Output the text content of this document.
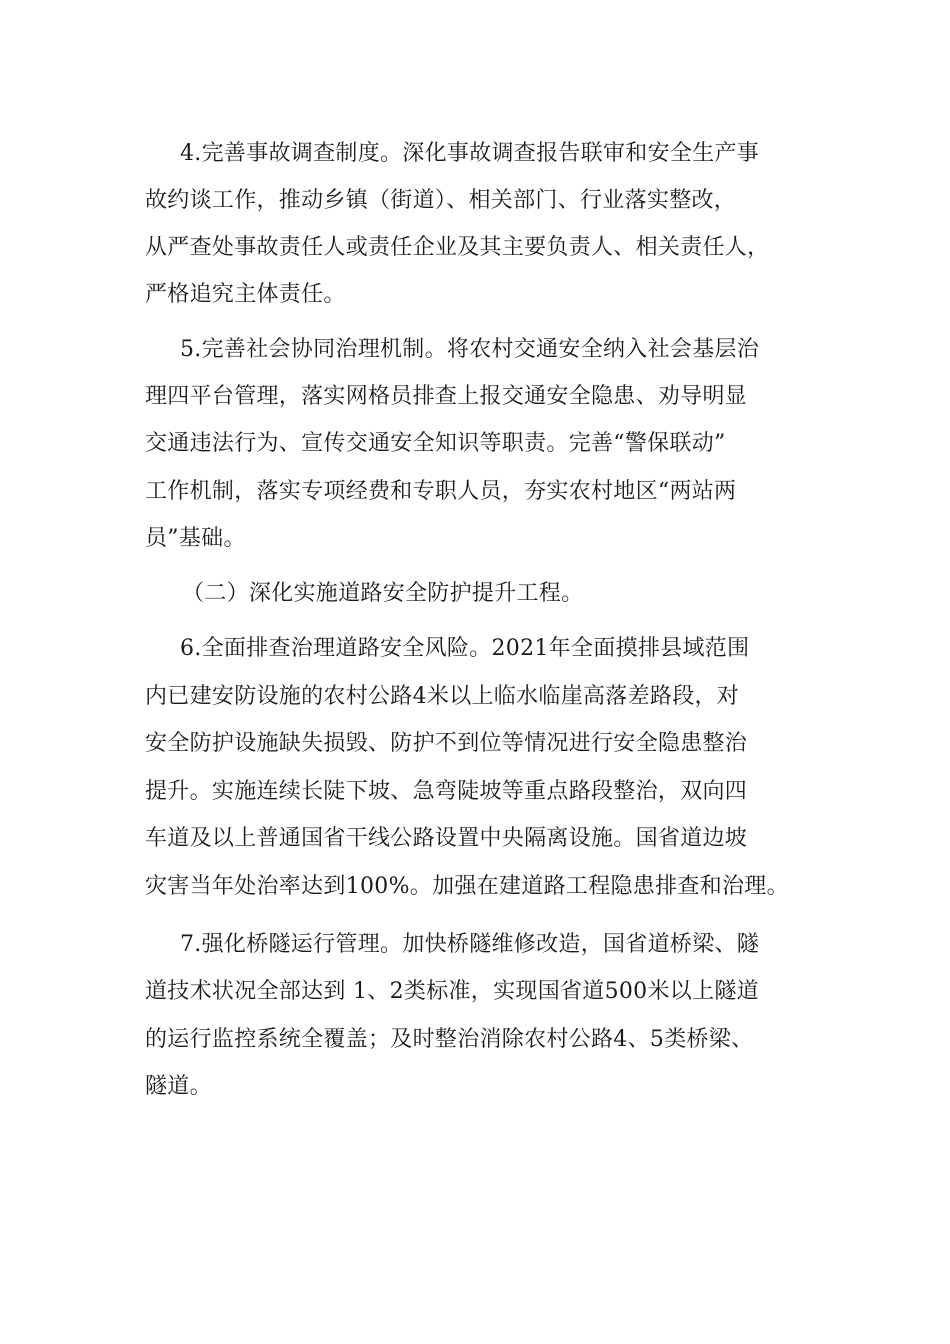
4.完善事故调查制度。深化事故调查报告联审和安全生产事

故约谈工作，推动乡镇（街道）、相关部门、行业落实整改，

从严查处事故责任人或责任企业及其主要负责人、相关责任人，

严格追究主体责任。

5.完善社会协同治理机制。将农村交通安全纳入社会基层治

理四平台管理，落实网格员排查上报交通安全隐患、劝导明显

交通违法行为、宣传交通安全知识等职责。完善“警保联动”

工作机制，落实专项经费和专职人员，夯实农村地区“两站两

员”基础。

（二）深化实施道路安全防护提升工程。

6.全面排查治理道路安全风险。2021年全面摸排县域范围

内已建安防设施的农村公路4米以上临水临崖高落差路段，对

安全防护设施缺失损毁、防护不到位等情况进行安全隐患整治

提升。实施连续长陡下坡、急弯陡坡等重点路段整治，双向四

车道及以上普通国省干线公路设置中央隔离设施。国省道边坡

灾害当年处治率达到100%。加强在建道路工程隐患排查和治理。

7.强化桥隧运行管理。加快桥隧维修改造，国省道桥梁、隧

道技术状况全部达到 1、2类标准，实现国省道500米以上隧道

的运行监控系统全覆盖；及时整治消除农村公路4、5类桥梁、

隧道。
